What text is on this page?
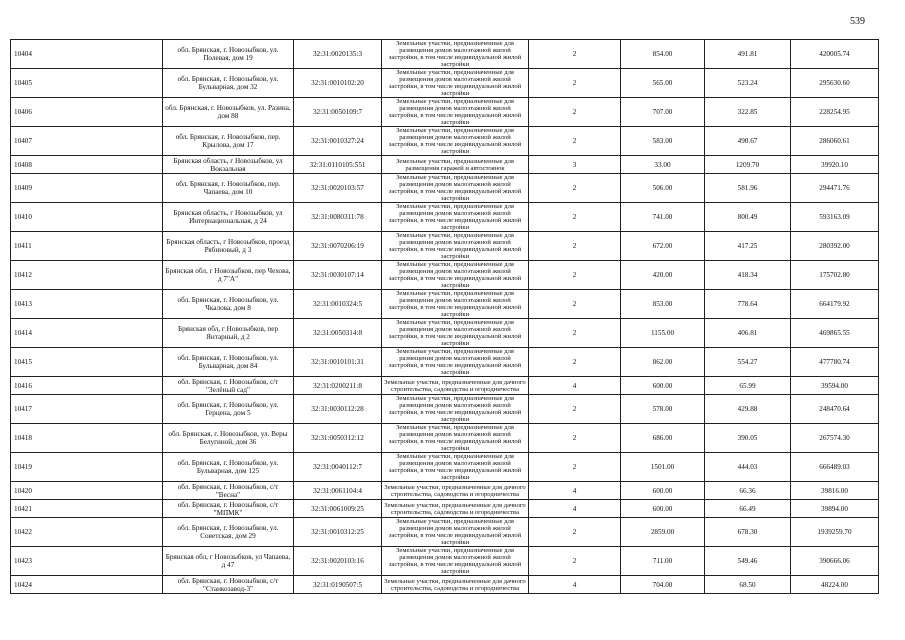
539
10404	обл. Брянская, г. Новозыбков, ул. Полевая, дом 19	32:31:0020135:3	Земельные участки, предназначенные для размещения домов малоэтажной жилой застройки, в том числе индивидуальной жилой застройки	2	854.00	491.81	420005.74
10405	обл. Брянская, г. Новозыбков, ул. Бульварная, дом 32	32:31:0010102:20	Земельные участки, предназначенные для размещения домов малоэтажной жилой застройки, в том числе индивидуальной жилой застройки	2	565.00	523.24	295630.60
10406	обл. Брянская, г. Новозыбков, ул. Разина, дом 88	32:31:0050109:7	Земельные участки, предназначенные для размещения домов малоэтажной жилой застройки, в том числе индивидуальной жилой застройки	2	707.00	322.85	228254.95
10407	обл. Брянская, г. Новозыбков, пер. Крылова, дом 17	32:31:0010327:24	Земельные участки, предназначенные для размещения домов малоэтажной жилой застройки, в том числе индивидуальной жилой застройки	2	583.00	490.67	286060.61
10408	Брянская область, г Новозыбков, ул Вокзальная	32:31:0110105:551	Земельные участки, предназначенные для размещения гаражей и автостоянок	3	33.00	1209.70	39920.10
10409	обл. Брянская, г. Новозыбков, пер. Чапаева, дом 10	32:31:0020103:57	Земельные участки, предназначенные для размещения домов малоэтажной жилой застройки, в том числе индивидуальной жилой застройки	2	506.00	581.96	294471.76
10410	Брянская область, г Новозыбков, ул Интернациональная, д 24	32:31:0080311:78	Земельные участки, предназначенные для размещения домов малоэтажной жилой застройки, в том числе индивидуальной жилой застройки	2	741.00	800.49	593163.09
10411	Брянская область, г Новозыбков, проезд Рябиновый, д 3	32:31:0070206:19	Земельные участки, предназначенные для размещения домов малоэтажной жилой застройки, в том числе индивидуальной жилой застройки	2	672.00	417.25	280392.00
10412	Брянская обл, г Новозыбков, пер Чехова, д 7"А"	32:31:0030107:14	Земельные участки, предназначенные для размещения домов малоэтажной жилой застройки, в том числе индивидуальной жилой застройки	2	420.00	418.34	175702.80
10413	обл. Брянская, г. Новозыбков, ул. Чкалова, дом 8	32:31:0010324:5	Земельные участки, предназначенные для размещения домов малоэтажной жилой застройки, в том числе индивидуальной жилой застройки	2	853.00	778.64	664179.92
10414	Брянская обл, г Новозыбков, пер Янтарный, д 2	32:31:0050314:8	Земельные участки, предназначенные для размещения домов малоэтажной жилой застройки, в том числе индивидуальной жилой застройки	2	1155.00	406.81	469865.55
10415	обл. Брянская, г. Новозыбков, ул. Бульварная, дом 84	32:31:0010101:31	Земельные участки, предназначенные для размещения домов малоэтажной жилой застройки, в том числе индивидуальной жилой застройки	2	862.00	554.27	477780.74
10416	обл. Брянская, г. Новозыбков, с/т "Зелёный сад"	32:31:0200211:8	Земельные участки, предназначенные для дачного строительства, садоводства и огородничества	4	600.00	65.99	39594.00
10417	обл. Брянская, г. Новозыбков, ул. Герцена, дом 5	32:31:0030112:28	Земельные участки, предназначенные для размещения домов малоэтажной жилой застройки, в том числе индивидуальной жилой застройки	2	578.00	429.88	248470.64
10418	обл. Брянская, г. Новозыбков, ул. Веры Белугиной, дом 36	32:31:0050312:12	Земельные участки, предназначенные для размещения домов малоэтажной жилой застройки, в том числе индивидуальной жилой застройки	2	686.00	390.05	267574.30
10419	обл. Брянская, г. Новозыбков, ул. Бульварная, дом 125	32:31:0040112:7	Земельные участки, предназначенные для размещения домов малоэтажной жилой застройки, в том числе индивидуальной жилой застройки	2	1501.00	444.03	666489.03
10420	обл. Брянская, г. Новозыбков, с/т "Весна"	32:31:0061104:4	Земельные участки, предназначенные для дачного строительства, садоводства и огородничества	4	600.00	66.36	39816.00
10421	обл. Брянская, г. Новозыбков, с/т "МПМК"	32:31:0061009:25	Земельные участки, предназначенные для дачного строительства, садоводства и огородничества	4	600.00	66.49	39894.00
10422	обл. Брянская, г. Новозыбков, ул. Советская, дом 29	32:31:0010312:25	Земельные участки, предназначенные для размещения домов малоэтажной жилой застройки, в том числе индивидуальной жилой застройки	2	2859.00	678.30	1939259.70
10423	Брянская обл, г Новозыбков, ул Чапаева, д 47	32:31:0020103:16	Земельные участки, предназначенные для размещения домов малоэтажной жилой застройки, в том числе индивидуальной жилой застройки	2	711.00	549.46	390666.06
10424	обл. Брянская, г. Новозыбков, с/т "Станкозавод-3"	32:31:0190507:5	Земельные участки, предназначенные для дачного строительства, садоводства и огородничества	4	704.00	68.50	48224.00
